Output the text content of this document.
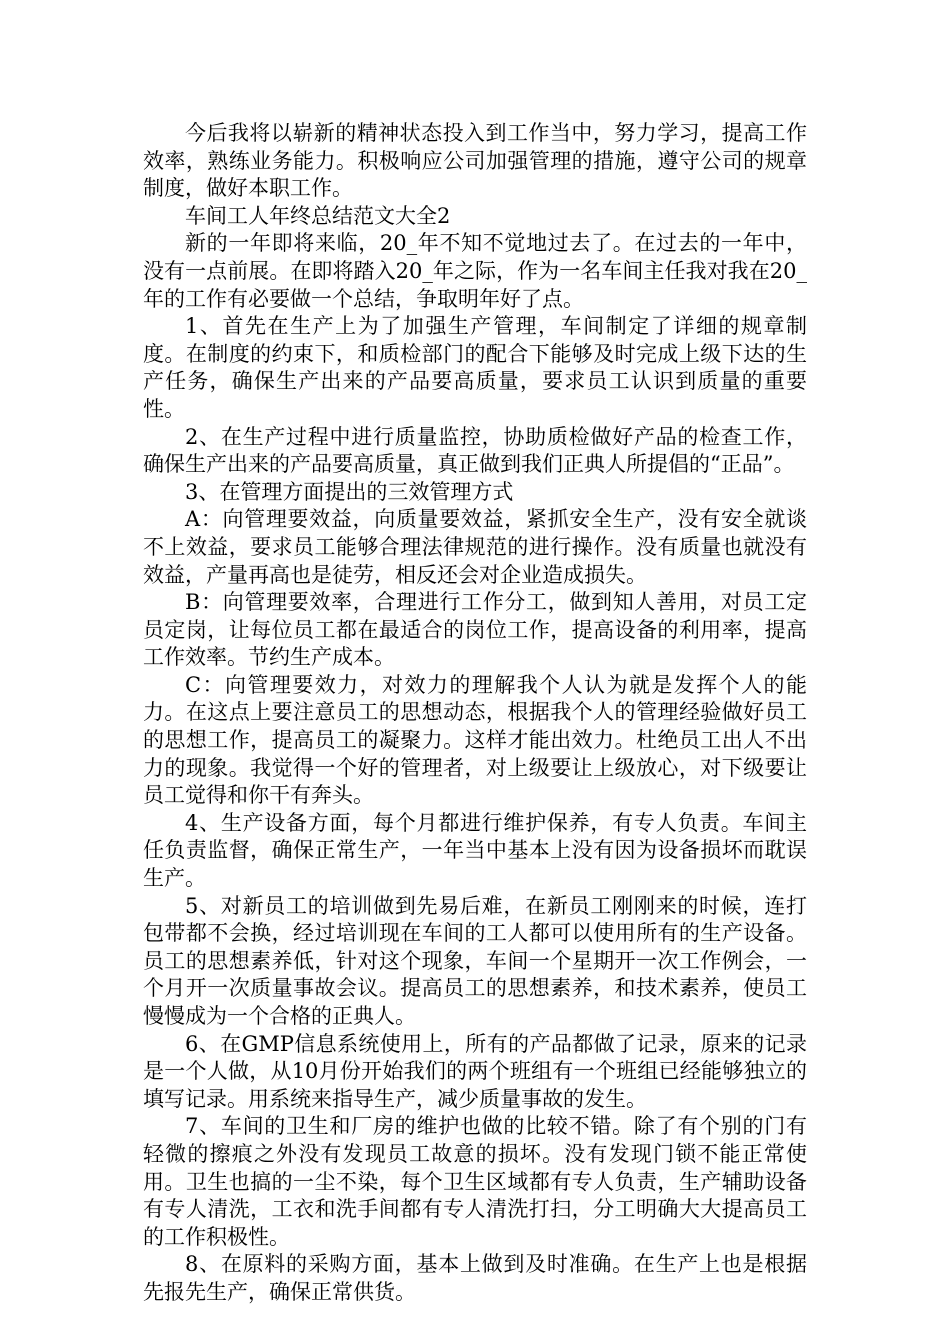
今后我将以崭新的精神状态投入到工作当中，努力学习，提高工作效率，熟练业务能力。积极响应公司加强管理的措施，遵守公司的规章制度，做好本职工作。

车间工人年终总结范文大全2

新的一年即将来临，20_年不知不觉地过去了。在过去的一年中，没有一点前展。在即将踏入20_年之际，作为一名车间主任我对我在20_年的工作有必要做一个总结，争取明年好了点。

1、首先在生产上为了加强生产管理，车间制定了详细的规章制度。在制度的约束下，和质检部门的配合下能够及时完成上级下达的生产任务，确保生产出来的产品要高质量，要求员工认识到质量的重要性。

2、在生产过程中进行质量监控，协助质检做好产品的检查工作，确保生产出来的产品要高质量，真正做到我们正典人所提倡的“正品”。

3、在管理方面提出的三效管理方式

A：向管理要效益，向质量要效益，紧抓安全生产，没有安全就谈不上效益，要求员工能够合理法律规范的进行操作。没有质量也就没有效益，产量再高也是徒劳，相反还会对企业造成损失。

B：向管理要效率，合理进行工作分工，做到知人善用，对员工定员定岗，让每位员工都在最适合的岗位工作，提高设备的利用率，提高工作效率。节约生产成本。

C：向管理要效力，对效力的理解我个人认为就是发挥个人的能力。在这点上要注意员工的思想动态，根据我个人的管理经验做好员工的思想工作，提高员工的凝聚力。这样才能出效力。杜绝员工出人不出力的现象。我觉得一个好的管理者，对上级要让上级放心，对下级要让员工觉得和你干有奔头。

4、生产设备方面，每个月都进行维护保养，有专人负责。车间主任负责监督，确保正常生产，一年当中基本上没有因为设备损坏而耽误生产。

5、对新员工的培训做到先易后难，在新员工刚刚来的时候，连打包带都不会换，经过培训现在车间的工人都可以使用所有的生产设备。员工的思想素养低，针对这个现象，车间一个星期开一次工作例会，一个月开一次质量事故会议。提高员工的思想素养，和技术素养，使员工慢慢成为一个合格的正典人。

6、在GMP信息系统使用上，所有的产品都做了记录，原来的记录是一个人做，从10月份开始我们的两个班组有一个班组已经能够独立的填写记录。用系统来指导生产，减少质量事故的发生。

7、车间的卫生和厂房的维护也做的比较不错。除了有个别的门有轻微的擦痕之外没有发现员工故意的损坏。没有发现门锁不能正常使用。卫生也搞的一尘不染，每个卫生区域都有专人负责，生产辅助设备有专人清洗，工衣和洗手间都有专人清洗打扫，分工明确大大提高员工的工作积极性。

8、在原料的采购方面，基本上做到及时准确。在生产上也是根据先报先生产，确保正常供货。
